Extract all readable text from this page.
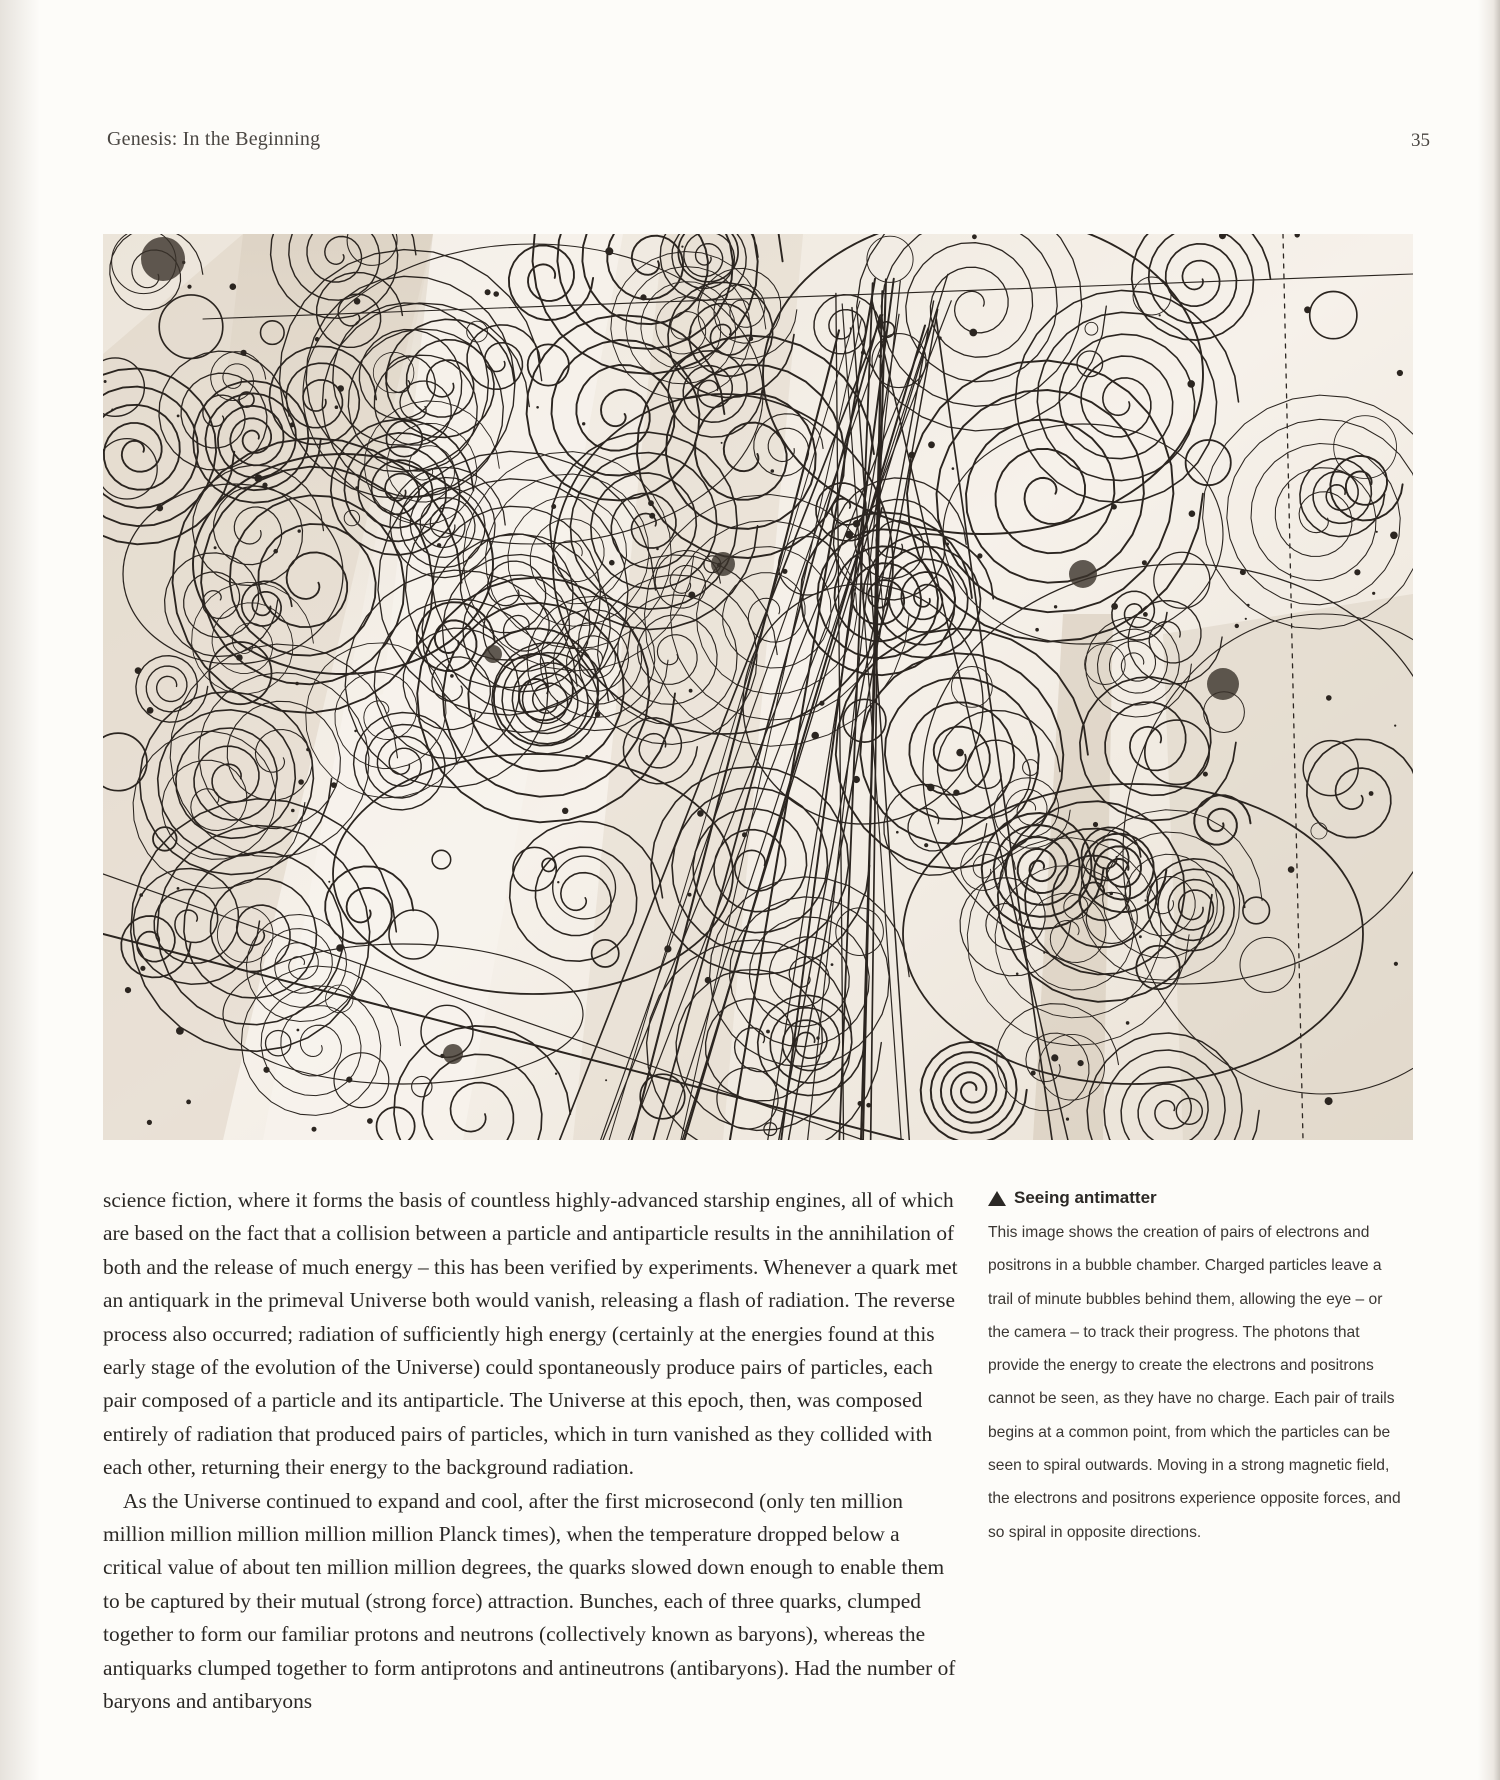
Genesis: In the Beginning	35

science fiction, where it forms the basis of countless highly-advanced starship engines, all of which are based on the fact that a collision between a particle and antiparticle results in the annihilation of both and the release of much energy – this has been verified by experiments. Whenever a quark met an antiquark in the primeval Universe both would vanish, releasing a flash of radiation. The reverse process also occurred; radiation of sufficiently high energy (certainly at the energies found at this early stage of the evolution of the Universe) could spontaneously produce pairs of particles, each pair composed of a particle and its antiparticle. The Universe at this epoch, then, was composed entirely of radiation that produced pairs of particles, which in turn vanished as they collided with each other, returning their energy to the background radiation.

As the Universe continued to expand and cool, after the first microsecond (only ten million million million million million million Planck times), when the temperature dropped below a critical value of about ten million million degrees, the quarks slowed down enough to enable them to be captured by their mutual (strong force) attraction. Bunches, each of three quarks, clumped together to form our familiar protons and neutrons (collectively known as baryons), whereas the antiquarks clumped together to form antiprotons and antineutrons (antibaryons). Had the number of baryons and antibaryons

Seeing antimatter
This image shows the creation of pairs of electrons and positrons in a bubble chamber. Charged particles leave a trail of minute bubbles behind them, allowing the eye – or the camera – to track their progress. The photons that provide the energy to create the electrons and positrons cannot be seen, as they have no charge. Each pair of trails begins at a common point, from which the particles can be seen to spiral outwards. Moving in a strong magnetic field, the electrons and positrons experience opposite forces, and so spiral in opposite directions.
